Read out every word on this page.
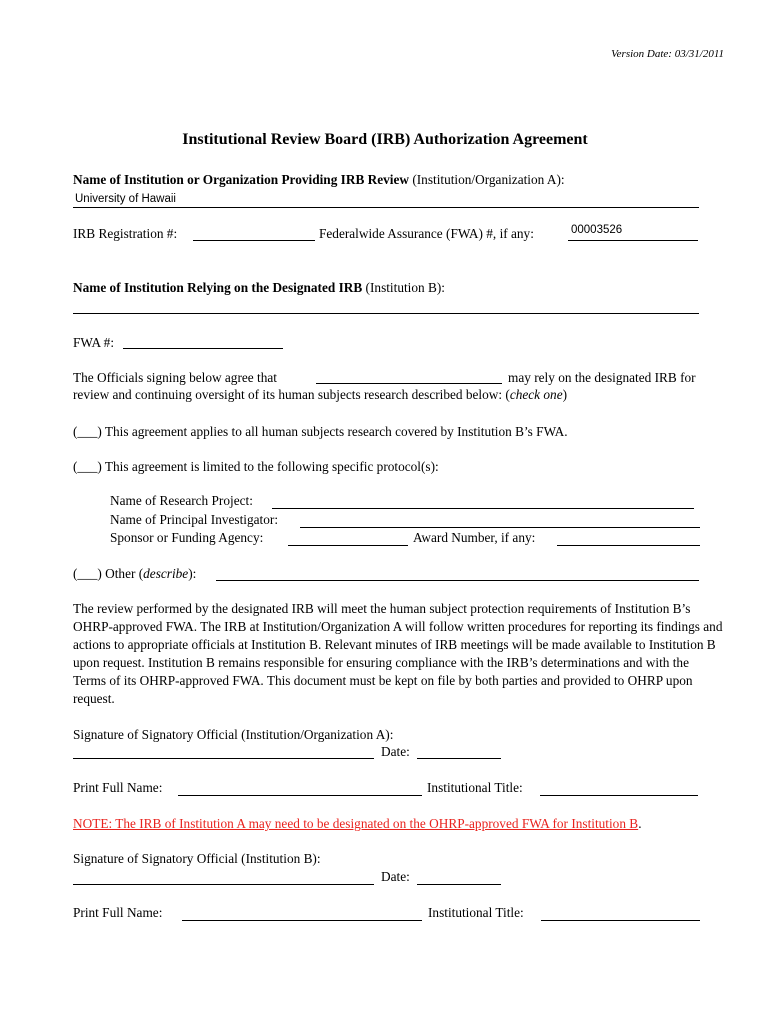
Version Date: 03/31/2011
Institutional Review Board (IRB) Authorization Agreement
Name of Institution or Organization Providing IRB Review (Institution/Organization A):
University of Hawaii
IRB Registration #:	Federalwide Assurance (FWA) #, if any:	00003526
Name of Institution Relying on the Designated IRB (Institution B):
FWA #:
The Officials signing below agree that	may rely on the designated IRB for
review and continuing oversight of its human subjects research described below: (check one)
(___) This agreement applies to all human subjects research covered by Institution B’s FWA.
(___) This agreement is limited to the following specific protocol(s):
Name of Research Project:
Name of Principal Investigator:
Sponsor or Funding Agency:	Award Number, if any:
(___) Other (describe):
The review performed by the designated IRB will meet the human subject protection requirements of Institution B’s OHRP-approved FWA. The IRB at Institution/Organization A will follow written procedures for reporting its findings and actions to appropriate officials at Institution B. Relevant minutes of IRB meetings will be made available to Institution B upon request. Institution B remains responsible for ensuring compliance with the IRB’s determinations and with the Terms of its OHRP-approved FWA. This document must be kept on file by both parties and provided to OHRP upon request.
Signature of Signatory Official (Institution/Organization A):
Date:
Print Full Name:	Institutional Title:
NOTE: The IRB of Institution A may need to be designated on the OHRP-approved FWA for Institution B.
Signature of Signatory Official (Institution B):
Date:
Print Full Name:	Institutional Title:
